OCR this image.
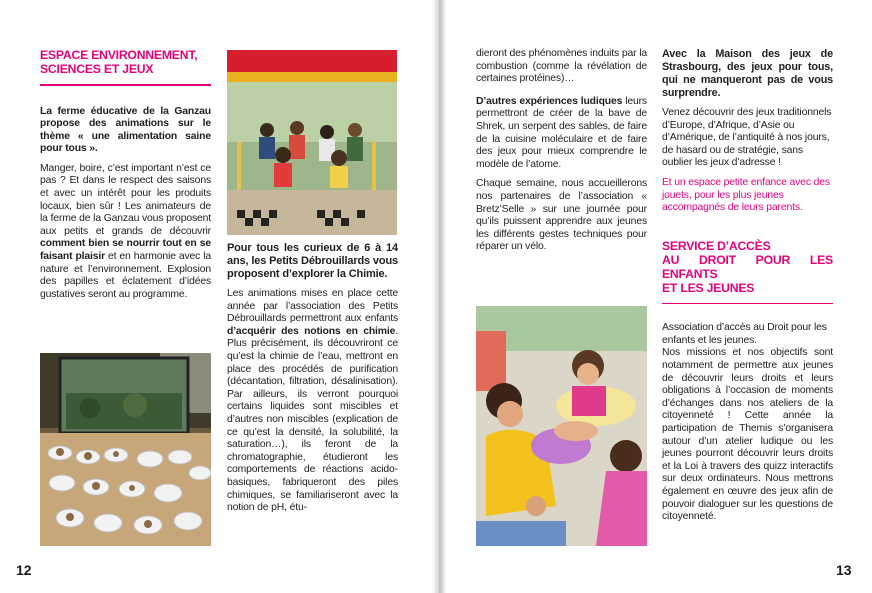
ESPACE ENVIRONNEMENT,
SCIENCES ET JEUX

La ferme éducative de la Ganzau propose des animations sur le thème « une alimentation saine pour tous ».

Manger, boire, c’est important n’est ce pas ? Et dans le respect des saisons et avec un intérêt pour les produits locaux, bien sûr ! Les animateurs de la ferme de la Ganzau vous proposent aux petits et grands de découvrir comment bien se nourrir tout en se faisant plaisir et en harmonie avec la nature et l’environnement. Explosion des papilles et éclatement d’idées gustatives seront au programme.

Pour tous les curieux de 6 à 14 ans, les Petits Débrouillards vous proposent d’explorer la Chimie.

Les animations mises en place cette année par l’association des Petits Débrouillards permettront aux enfants d’acquérir des notions en chimie. Plus précisément, ils découvriront ce qu’est la chimie de l’eau, mettront en place des procédés de purification (décantation, filtration, désalinisation). Par ailleurs, ils verront pourquoi certains liquides sont miscibles et d’autres non miscibles (explication de ce qu’est la densité, la solubilité, la saturation…), ils feront de la chromatographie, étudieront les comportements de réactions acido-basiques, fabriqueront des piles chimiques, se familiariseront avec la notion de pH, étu-

dieront des phénomènes induits par la combustion (comme la révélation de certaines protéines)…

D’autres expériences ludiques leurs permettront de créer de la bave de Shrek, un serpent des sables, de faire de la cuisine moléculaire et de faire des jeux pour mieux comprendre le modèle de l’atome.

Chaque semaine, nous accueillerons nos partenaires de l’association « Bretz’Selle » sur une journée pour qu’ils puissent apprendre aux jeunes les différents gestes techniques pour réparer un vélo.

Avec la Maison des jeux de Strasbourg, des jeux pour tous, qui ne manqueront pas de vous surprendre.

Venez découvrir des jeux traditionnels d’Europe, d’Afrique, d’Asie ou d’Amérique, de l’antiquité à nos jours, de hasard ou de stratégie, sans oublier les jeux d’adresse !

Et un espace petite enfance avec des jouets, pour les plus jeunes accompagnés de leurs parents.

SERVICE D’ACCÈS
AU DROIT POUR LES ENFANTS
ET LES JEUNES

Association d’accès au Droit pour les enfants et les jeunes.

Nos missions et nos objectifs sont notamment de permettre aux jeunes de découvrir leurs droits et leurs obligations à l’occasion de moments d’échanges dans nos ateliers de la citoyenneté ! Cette année la participation de Themis s’organisera autour d’un atelier ludique ou les jeunes pourront découvrir leurs droits et la Loi à travers des quizz interactifs sur deux ordinateurs. Nous mettrons également en œuvre des jeux afin de pouvoir dialoguer sur les questions de citoyenneté.

12	13
